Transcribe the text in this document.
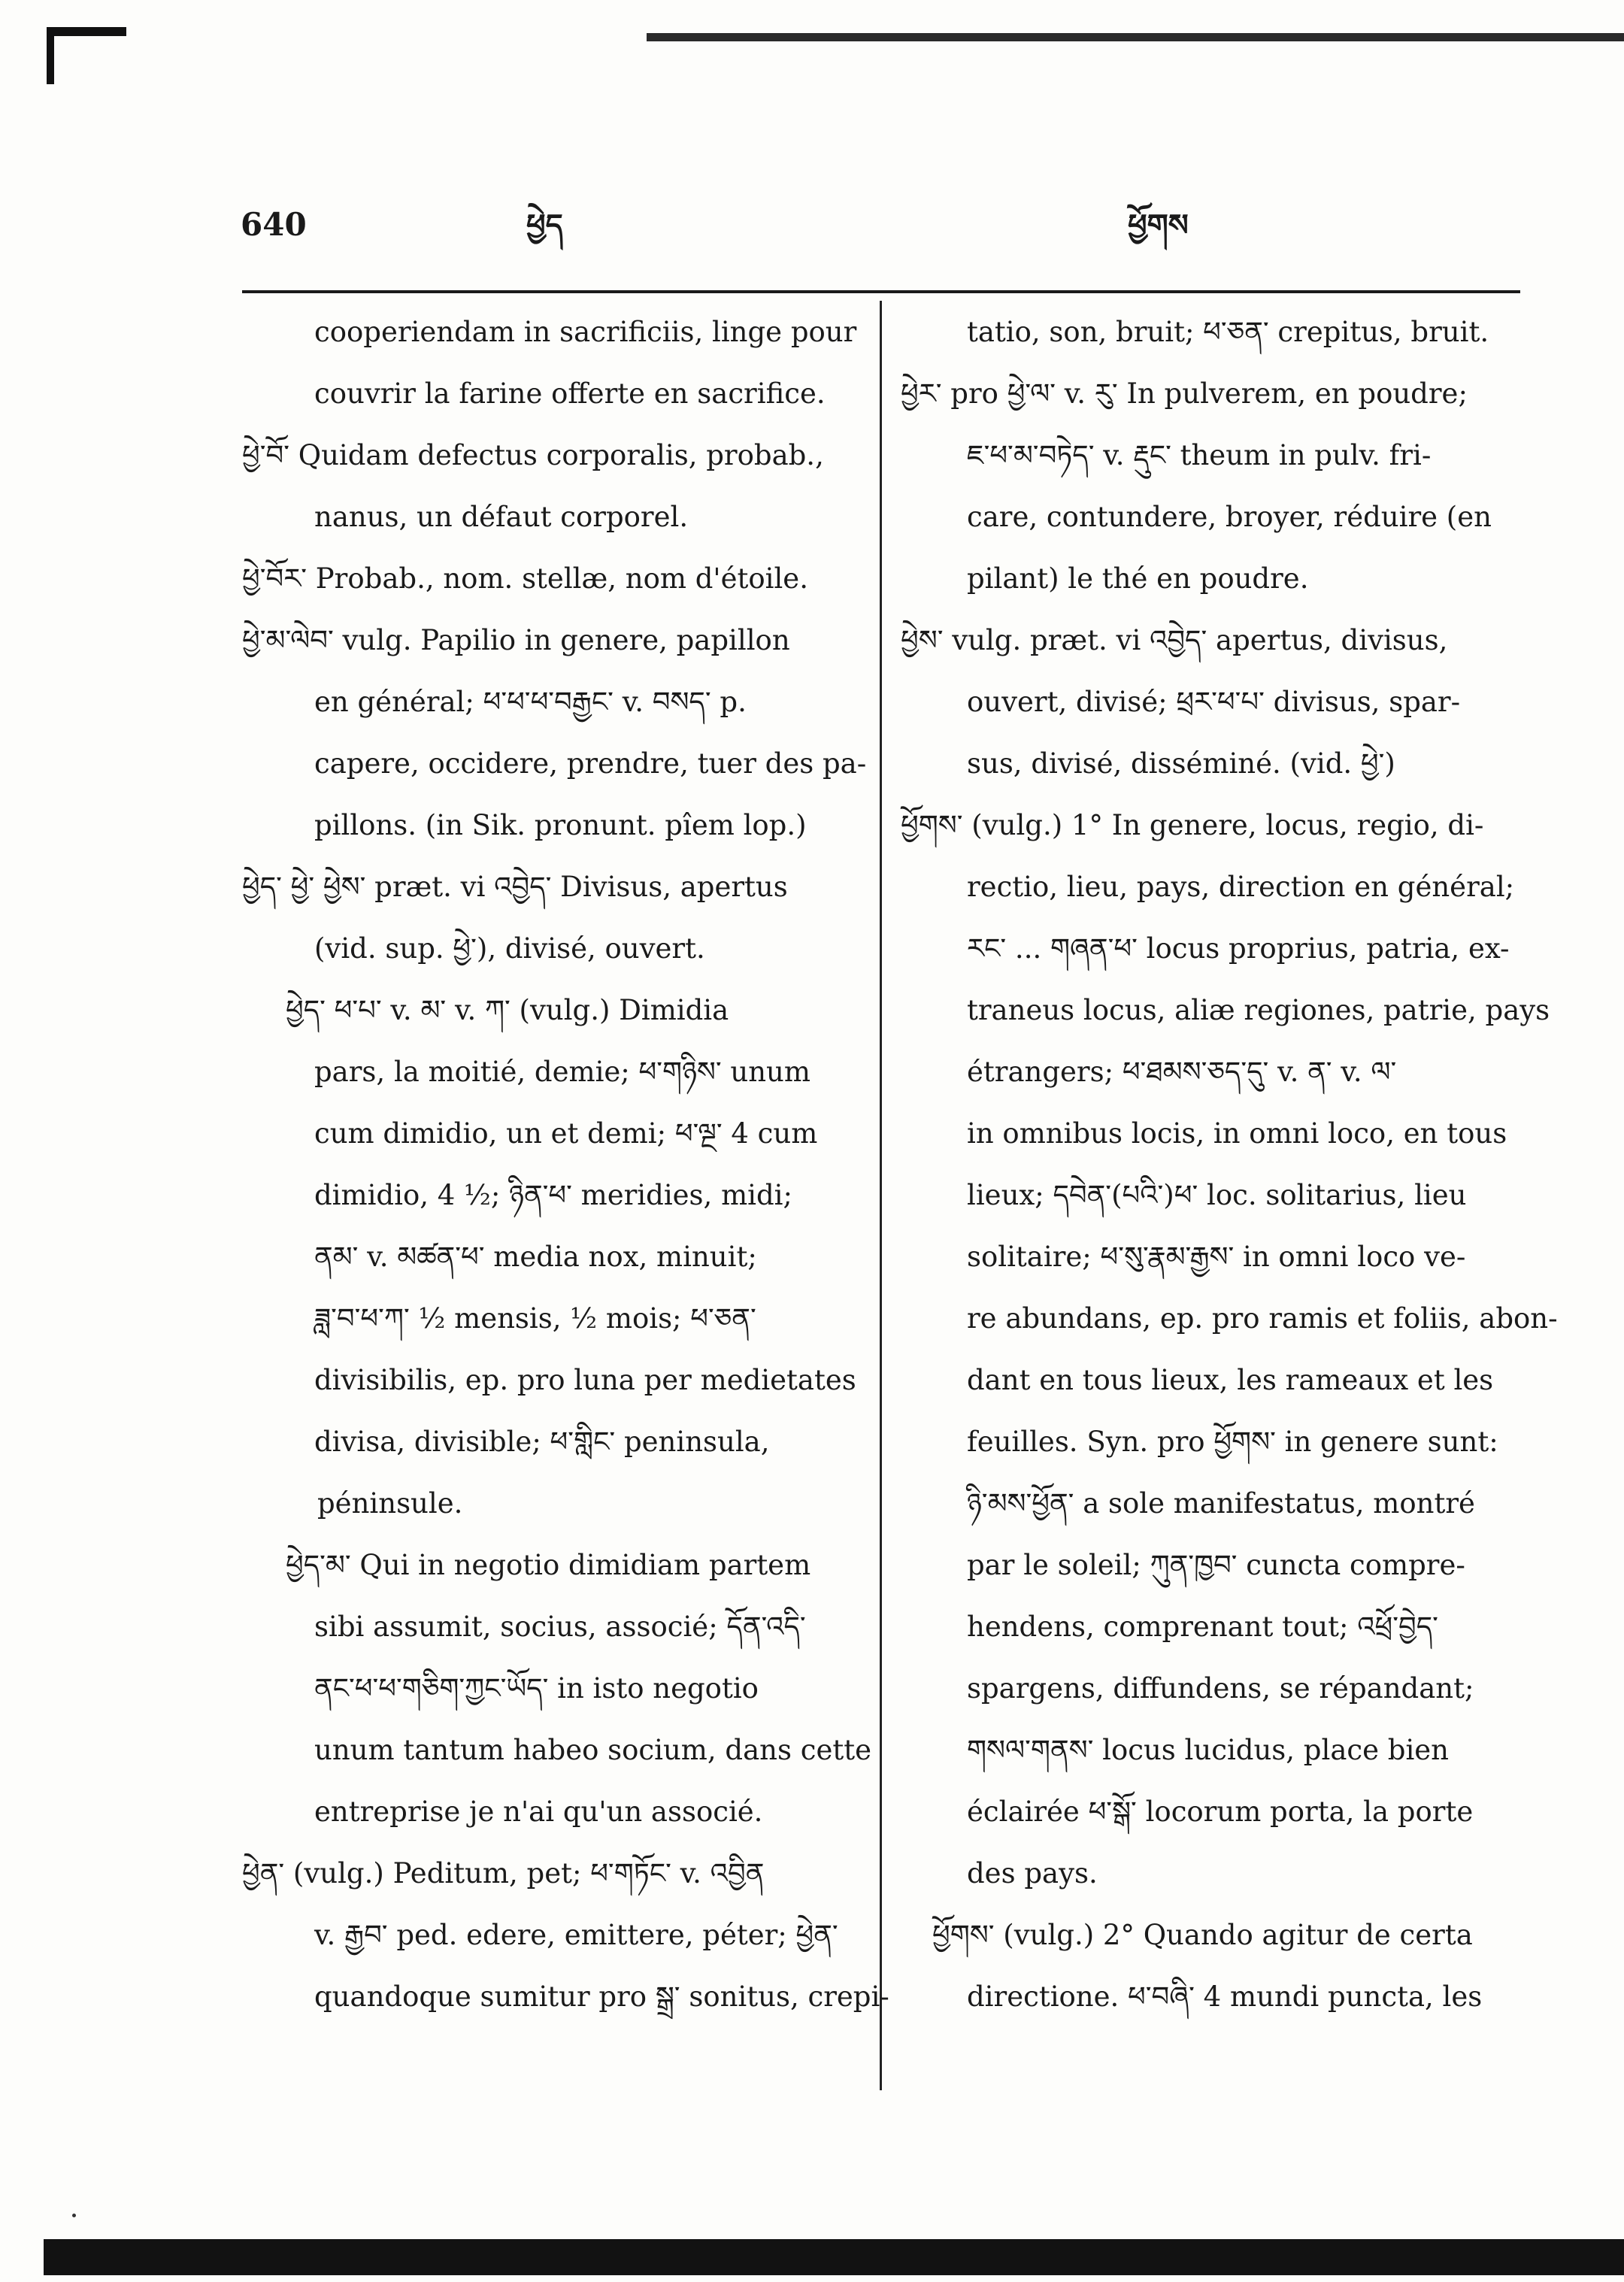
640	ཕྱེད	ཕྱོགས
cooperiendam in sacrificiis, linge pour
couvrir la farine offerte en sacrifice.
ཕྱེ་བོ་ Quidam defectus corporalis, probab.,
nanus, un défaut corporel.
ཕྱེ་བོར་ Probab., nom. stellæ, nom d'étoile.
ཕྱེ་མ་ལེབ་ vulg. Papilio in genere, papillon
en général; ཕ་ཕ་ཕ་བརྒྱང་ v. བསད་ p.
capere, occidere, prendre, tuer des pa-
pillons. (in Sik. pronunt. pîem lop.)
ཕྱེད་ ཕྱེ་ ཕྱེས་ præt. vi འབྱེད་ Divisus, apertus
(vid. sup. ཕྱེ་), divisé, ouvert.
ཕྱེད་ ཕ་པ་ v. མ་ v. ཀ་ (vulg.) Dimidia
pars, la moitié, demie; ཕ་གཉིས་ unum
cum dimidio, un et demi; ཕ་ལྔ་ 4 cum
dimidio, 4 ½; ཉིན་ཕ་ meridies, midi;
ནམ་ v. མཚན་ཕ་ media nox, minuit;
ཟླ་བ་ཕ་ཀ་ ½ mensis, ½ mois; ཕ་ཅན་
divisibilis, ep. pro luna per medietates
divisa, divisible; ཕ་གླིང་ peninsula,
péninsule.
ཕྱེད་མ་ Qui in negotio dimidiam partem
sibi assumit, socius, associé; དོན་འདི་
ནང་ཕ་ཕ་གཅིག་ཀྱང་ཡོད་ in isto negotio
unum tantum habeo socium, dans cette
entreprise je n'ai qu'un associé.
ཕྱེན་ (vulg.) Peditum, pet; ཕ་གཏོང་ v. འབྱིན
v. རྒྱབ་ ped. edere, emittere, péter; ཕྱེན་
quandoque sumitur pro སྒྲ་ sonitus, crepi-
tatio, son, bruit; ཕ་ཅན་ crepitus, bruit.
ཕྱེར་ pro ཕྱེ་ལ་ v. རུ་ In pulverem, en poudre;
ཇ་ཕ་མ་བཏེད་ v. རྡུང་ theum in pulv. fri-
care, contundere, broyer, réduire (en
pilant) le thé en poudre.
ཕྱེས་ vulg. præt. vi འབྱེད་ apertus, divisus,
ouvert, divisé; ཕྲར་ཕ་པ་ divisus, spar-
sus, divisé, disséminé. (vid. ཕྱེ་)
ཕྱོགས་ (vulg.) 1° In genere, locus, regio, di-
rectio, lieu, pays, direction en général;
རང་ ... གཞན་ཕ་ locus proprius, patria, ex-
traneus locus, aliæ regiones, patrie, pays
étrangers; ཕ་ཐམས་ཅད་དུ་ v. ན་ v. ལ་
in omnibus locis, in omni loco, en tous
lieux; དབེན་(པའི་)ཕ་ loc. solitarius, lieu
solitaire; ཕ་སུ་རྣམ་རྒྱས་ in omni loco ve-
re abundans, ep. pro ramis et foliis, abon-
dant en tous lieux, les rameaux et les
feuilles. Syn. pro ཕྱོགས་ in genere sunt:
ཉི་མས་ཕྱོན་ a sole manifestatus, montré
par le soleil; ཀུན་ཁྱབ་ cuncta compre-
hendens, comprenant tout; འཕྲོ་བྱེད་
spargens, diffundens, se répandant;
གསལ་གནས་ locus lucidus, place bien
éclairée ཕ་སྒོ་ locorum porta, la porte
des pays.
ཕྱོགས་ (vulg.) 2° Quando agitur de certa
directione. ཕ་བཞི་ 4 mundi puncta, les
